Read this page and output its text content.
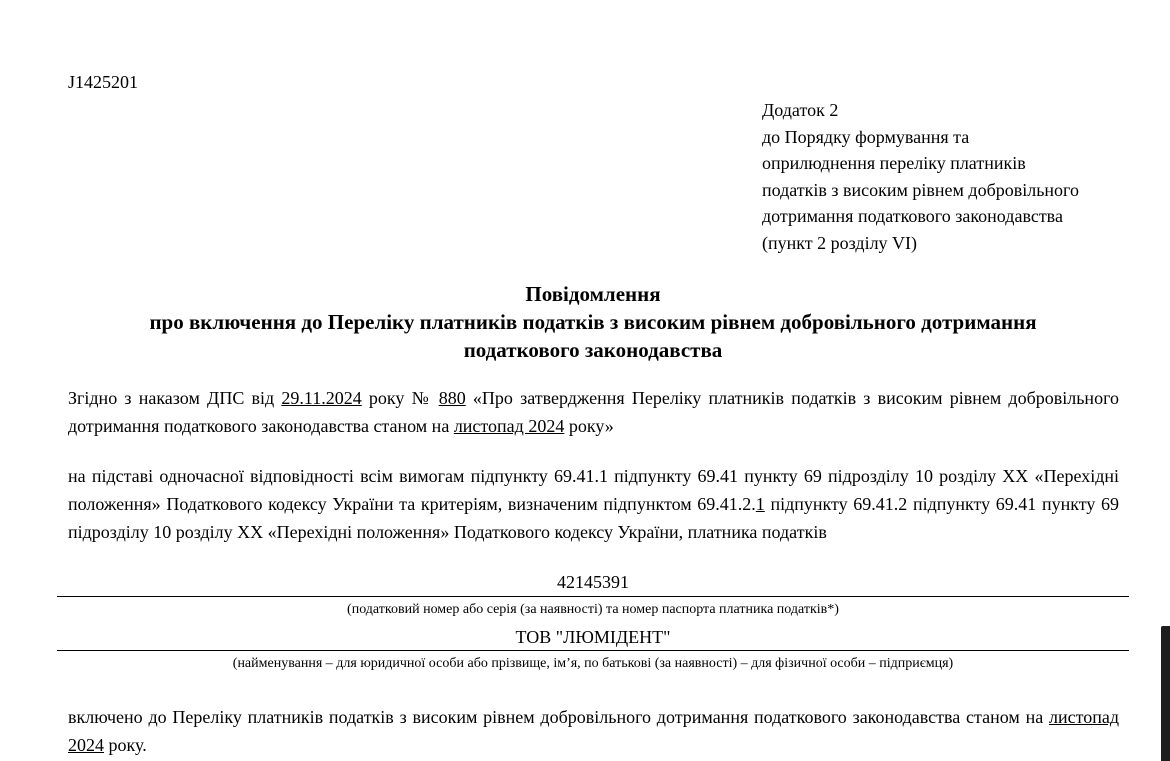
J1425201
Додаток 2
до Порядку формування та
оприлюднення переліку платників
податків з високим рівнем добровільного
дотримання податкового законодавства
(пункт 2 розділу VI)
Повідомлення
про включення до Переліку платників податків з високим рівнем добровільного дотримання
податкового законодавства
Згідно з наказом ДПС від 29.11.2024 року № 880 «Про затвердження Переліку платників податків з високим рівнем добровільного дотримання податкового законодавства станом на листопад 2024 року»
на підставі одночасної відповідності всім вимогам підпункту 69.41.1 підпункту 69.41 пункту 69 підрозділу 10 розділу XX «Перехідні положення» Податкового кодексу України та критеріям, визначеним підпунктом 69.41.2.1 підпункту 69.41.2 підпункту 69.41 пункту 69 підрозділу 10 розділу XX «Перехідні положення» Податкового кодексу України, платника податків
42145391
(податковий номер або серія (за наявності) та номер паспорта платника податків*)
ТОВ "ЛЮМІДЕНТ"
(найменування – для юридичної особи або прізвище, ім’я, по батькові (за наявності) – для фізичної особи – підприємця)
включено до Переліку платників податків з високим рівнем добровільного дотримання податкового законодавства станом на листопад 2024 року.
